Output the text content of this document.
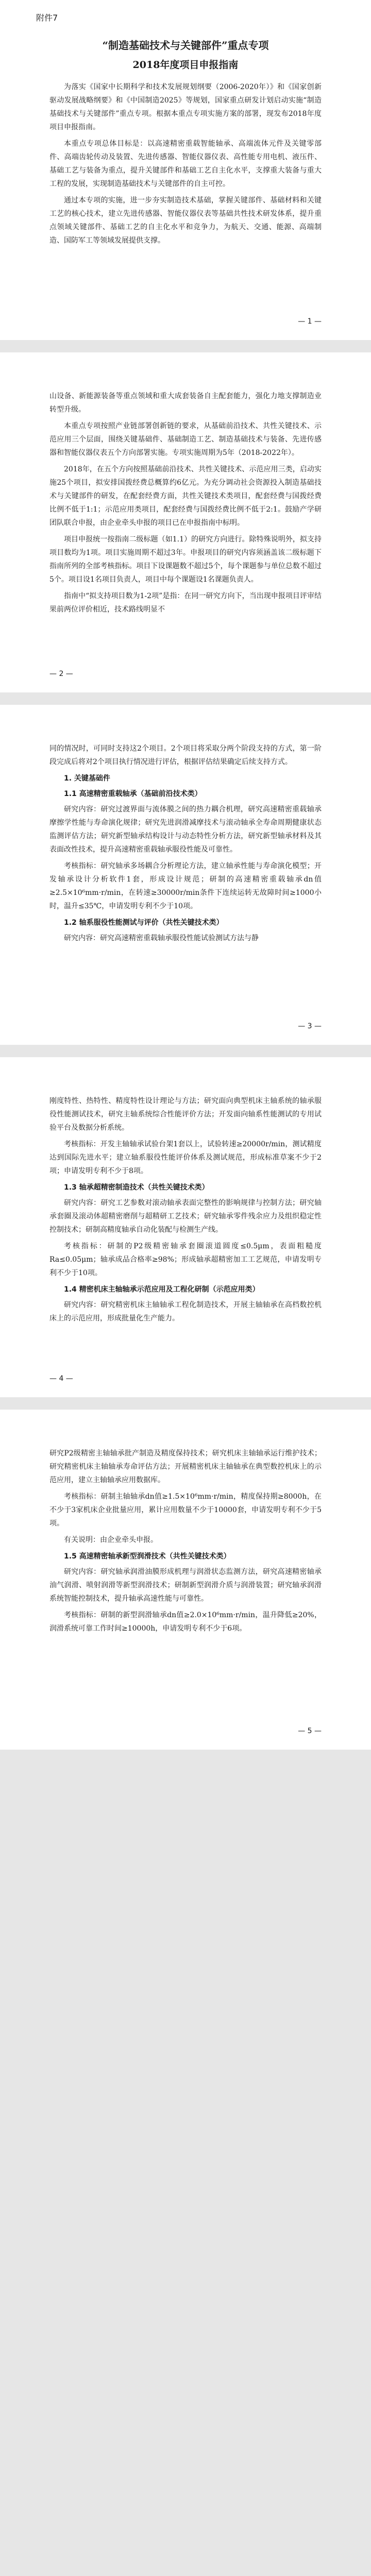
附件7
“制造基础技术与关键部件”重点专项
2018年度项目申报指南

为落实《国家中长期科学和技术发展规划纲要（2006-2020年）》和《国家创新驱动发展战略纲要》和《中国制造2025》等规划，国家重点研发计划启动实施“制造基础技术与关键部件”重点专项。根据本重点专项实施方案的部署，现发布2018年度项目申报指南。

本重点专项总体目标是：以高速精密重载智能轴承、高端流体元件及关键零部件、高端齿轮传动及装置、先进传感器、智能仪器仪表、高性能专用电机、液压件、基础工艺与装备为重点，提升关键部件和基础工艺自主化水平，支撑重大装备与重大工程的发展，实现制造基础技术与关键部件的自主可控。

通过本专项的实施，进一步夯实制造技术基础，掌握关键部件、基础材料和关键工艺的核心技术，建立先进传感器、智能仪器仪表等基础共性技术研发体系，提升重点领域关键部件、基础工艺的自主化水平和竞争力，为航天、交通、能源、高端制造、国防军工等领域发展提供支撑。

— 1 —

山设备、新能源装备等重点领域和重大成套装备自主配套能力，强化力地支撑制造业转型升级。

本重点专项按照产业链部署创新链的要求，从基础前沿技术、共性关键技术、示范应用三个层面，围绕关键基础件、基础制造工艺、制造基础技术与装备、先进传感器和智能仪器仪表五个方向部署实施。专项实施周期为5年（2018-2022年）。

2018年，在五个方向按照基础前沿技术、共性关键技术、示范应用三类，启动实施25个项目，拟安排国拨经费总概算约6亿元。为充分调动社会资源投入制造基础技术与关键部件的研发，在配套经费方面，共性关键技术类项目，配套经费与国拨经费比例不低于1:1；示范应用类项目，配套经费与国拨经费比例不低于2:1。鼓励产学研团队联合申报，由企业牵头申报的项目已在申报指南中标明。

项目申报统一按指南二级标题（如1.1）的研究方向进行。除特殊说明外，拟支持项目数均为1项。项目实施周期不超过3年。申报项目的研究内容须涵盖该二级标题下指南所列的全部考核指标。项目下设课题数不超过5个，每个课题参与单位总数不超过5个。项目设1名项目负责人，项目中每个课题设1名课题负责人。

指南中“拟支持项目数为1-2项”是指：在同一研究方向下，当出现申报项目评审结果前两位评价相近，技术路线明显不

— 2 —

同的情况时，可同时支持这2个项目。2个项目将采取分两个阶段支持的方式，第一阶段完成后将对2个项目执行情况进行评估，根据评估结果确定后续支持方式。

1. 关键基础件
1.1 高速精密重载轴承（基础前沿技术类）

研究内容：研究过渡界面与流体膜之间的热力耦合机理，研究高速精密重载轴承摩擦学性能与寿命演化规律；研究先进润滑减摩技术与滚动轴承全寿命周期健康状态监测评估方法；研究新型轴承结构设计与动态特性分析方法，研究新型轴承材料及其表面改性技术，提升高速精密重载轴承服役性能及可靠性。

考核指标：研究轴承多场耦合分析理论方法，建立轴承性能与寿命演化模型；开发轴承设计分析软件1套，形成设计规范；研制的高速精密重载轴承dn值≥2.5×10⁶mm·r/min，在转速≥30000r/min条件下连续运转无故障时间≥1000小时，温升≤35℃，申请发明专利不少于10项。

1.2 轴系服役性能测试与评价（共性关键技术类）

研究内容：研究高速精密重载轴承服役性能试验测试方法与静

— 3 —

刚度特性、热特性、精度特性设计理论与方法；研究面向典型机床主轴系统的轴承服役性能测试技术，研究主轴系统综合性能评价方法；开发面向轴系性能测试的专用试验平台及数据分析系统。

考核指标：开发主轴轴承试验台架1套以上，试验转速≥20000r/min，测试精度达到国际先进水平；建立轴系服役性能评价体系及测试规范，形成标准草案不少于2项；申请发明专利不少于8项。

1.3 轴承超精密制造技术（共性关键技术类）

研究内容：研究工艺参数对滚动轴承表面完整性的影响规律与控制方法；研究轴承套圈及滚动体超精密磨削与超精研工艺技术；研究轴承零件残余应力及组织稳定性控制技术；研制高精度轴承自动化装配与检测生产线。

考核指标：研制的P2级精密轴承套圈滚道圆度≤0.5μm，表面粗糙度Ra≤0.05μm；轴承成品合格率≥98%；形成轴承超精密加工工艺规范，申请发明专利不少于10项。

1.4 精密机床主轴轴承示范应用及工程化研制（示范应用类）

研究内容：研究精密机床主轴轴承工程化制造技术，开展主轴轴承在高档数控机床上的示范应用，形成批量化生产能力。

— 4 —

研究P2级精密主轴轴承批产制造及精度保持技术；研究机床主轴轴承运行维护技术；研究精密机床主轴轴承寿命评估方法；开展精密机床主轴轴承在典型数控机床上的示范应用，建立主轴轴承应用数据库。

考核指标：研制主轴轴承dn值≥1.5×10⁶mm·r/min，精度保持期≥8000h，在不少于3家机床企业批量应用，累计应用数量不少于10000套，申请发明专利不少于5项。

有关说明：由企业牵头申报。

1.5 高速精密轴承新型润滑技术（共性关键技术类）

研究内容：研究轴承润滑油膜形成机理与润滑状态监测方法，研究高速精密轴承油气润滑、喷射润滑等新型润滑技术；研制新型润滑介质与润滑装置；研究轴承润滑系统智能控制技术，提升轴承高速性能与可靠性。

考核指标：研制的新型润滑轴承dn值≥2.0×10⁶mm·r/min，温升降低≥20%，润滑系统可靠工作时间≥10000h，申请发明专利不少于6项。

— 5 —
